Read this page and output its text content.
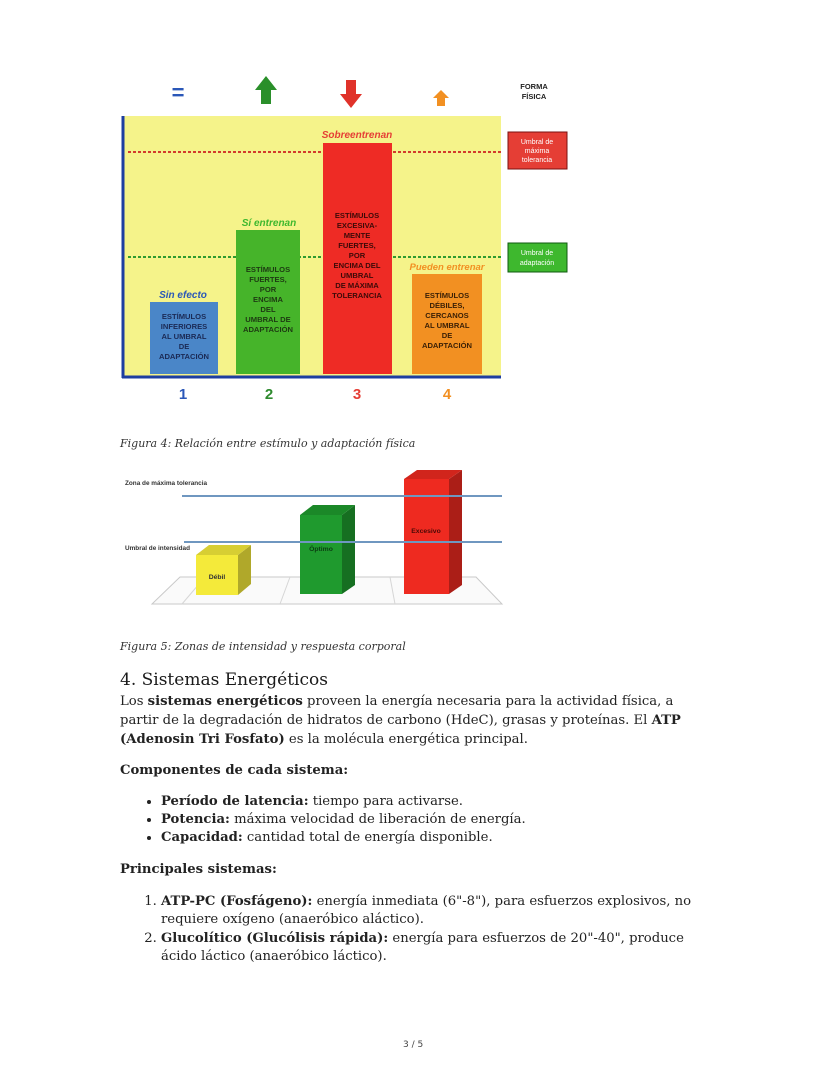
=	FORMA
FÍSICA
Sin efecto
Sí entrenan
Sobreentrenan
Pueden entrenar
ESTÍMULOS
INFERIORES
AL UMBRAL
DE
ADAPTACIÓN
ESTÍMULOS
FUERTES,
POR
ENCIMA
DEL
UMBRAL DE
ADAPTACIÓN
ESTÍMULOS
EXCESIVA-
MENTE
FUERTES,
POR
ENCIMA DEL
UMBRAL
DE MÁXIMA
TOLERANCIA	ESTÍMULOS
DÉBILES,
CERCANOS
AL UMBRAL
DE
ADAPTACIÓN
1	2	3	4
Umbral de
máxima
tolerancia
Umbral de
adaptación
Figura 4: Relación entre estímulo y adaptación física
Débil
Óptimo
Excesivo
Zona de máxima tolerancia
Umbral de intensidad
Figura 5: Zonas de intensidad y respuesta corporal
4. Sistemas Energéticos

Los sistemas energéticos proveen la energía necesaria para la actividad física, a partir de la degradación de hidratos de carbono (HdeC), grasas y proteínas. El ATP (Adenosin Tri Fosfato) es la molécula energética principal.

Componentes de cada sistema:
• Período de latencia: tiempo para activarse.
• Potencia: máxima velocidad de liberación de energía.
• Capacidad: cantidad total de energía disponible.
Principales sistemas:
1. ATP-PC (Fosfágeno): energía inmediata (6"-8"), para esfuerzos explosivos, no requiere oxígeno (anaeróbico aláctico).
2. Glucolítico (Glucólisis rápida): energía para esfuerzos de 20"-40", produce ácido láctico (anaeróbico láctico).
3 / 5
